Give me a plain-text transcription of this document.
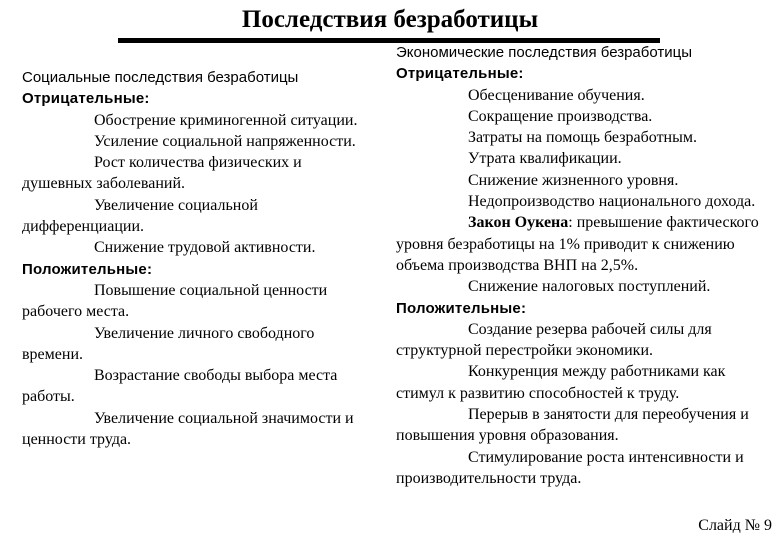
Последствия безработицы

Социальные последствия безработицы

Отрицательные:

Обострение криминогенной ситуации.

Усиление социальной напряженности.

Рост количества физических и душевных заболеваний.

Увеличение социальной дифференциации.

Снижение трудовой активности.

Положительные:

Повышение социальной ценности рабочего места.

Увеличение личного свободного времени.

Возрастание свободы выбора места работы.

Увеличение социальной значимости и ценности труда.

Экономические последствия безработицы

Отрицательные:

Обесценивание обучения.

Сокращение производства.

Затраты на помощь безработным.

Утрата квалификации.

Снижение жизненного уровня.

Недопроизводство национального дохода.

Закон Оукена: превышение фактического уровня безработицы на 1% приводит к снижению объема производства ВНП на 2,5%.

Снижение налоговых поступлений.

Положительные:

Создание резерва рабочей силы для структурной перестройки экономики.

Конкуренция между работниками как стимул к развитию способностей к труду.

Перерыв в занятости для переобучения и повышения уровня образования.

Стимулирование роста интенсивности и производительности труда.

Слайд № 9
